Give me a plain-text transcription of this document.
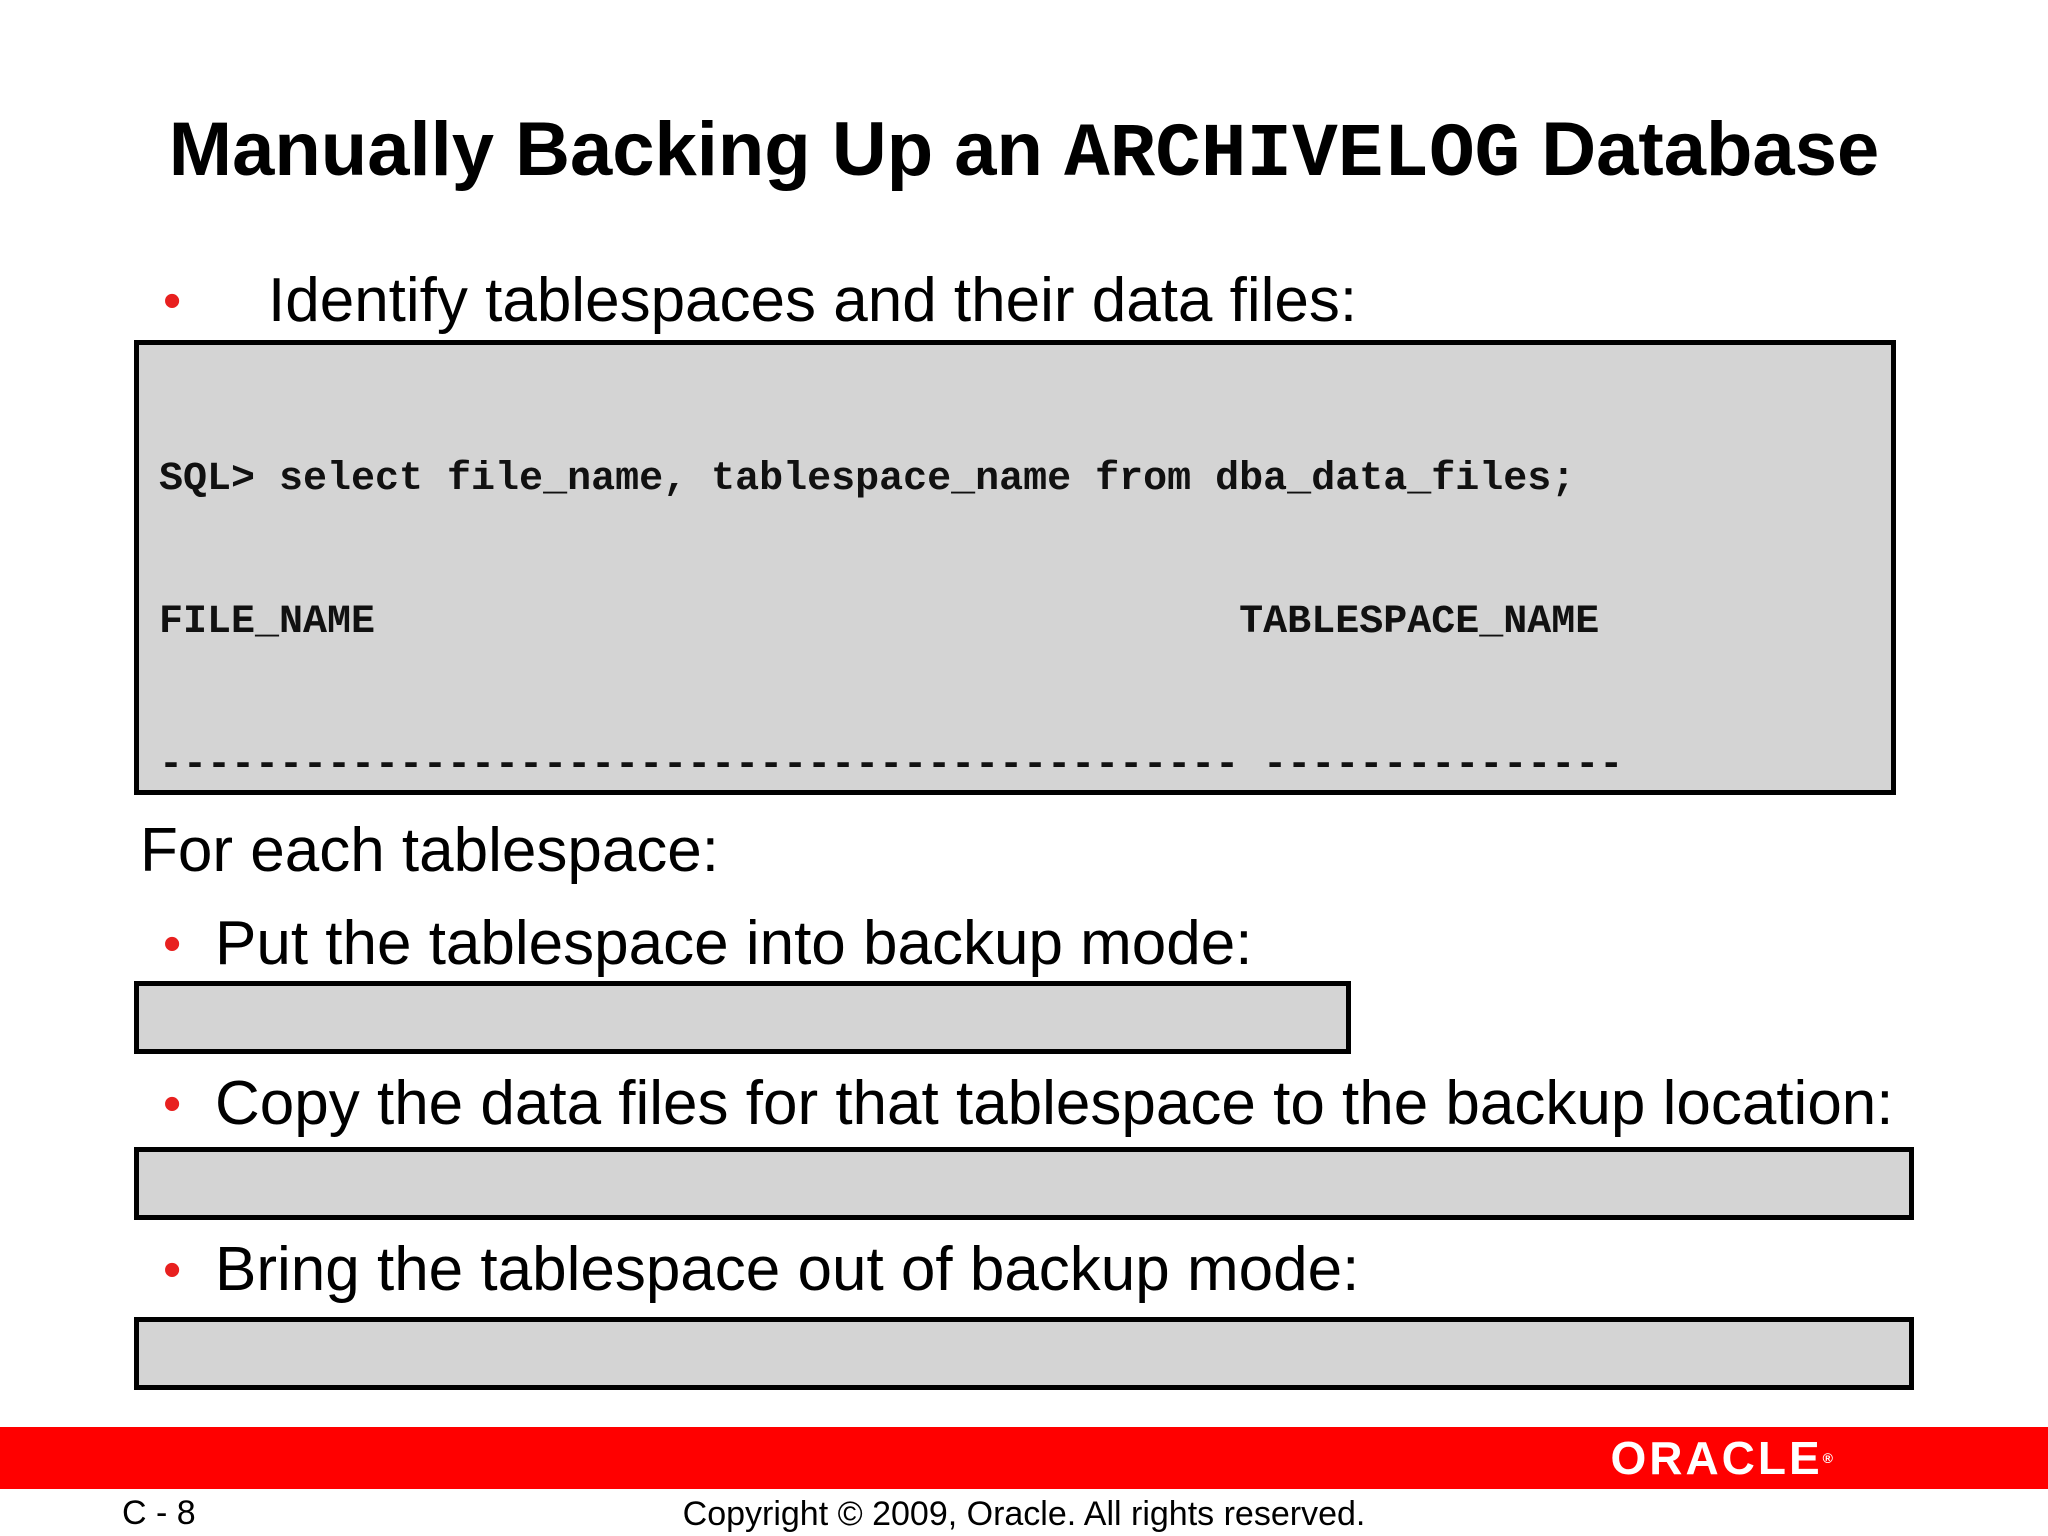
Manually Backing Up an ARCHIVELOG Database
• Identify tablespaces and their data files:

SQL> select file_name, tablespace_name from dba_data_files;

FILE_NAME                                    TABLESPACE_NAME

--------------------------------------------- ---------------

For each tablespace:
• Put the tablespace into backup mode:

• Copy the data files for that tablespace to the backup location:

• Bring the tablespace out of backup mode:

ORACLE®
C - 8	Copyright © 2009, Oracle. All rights reserved.
